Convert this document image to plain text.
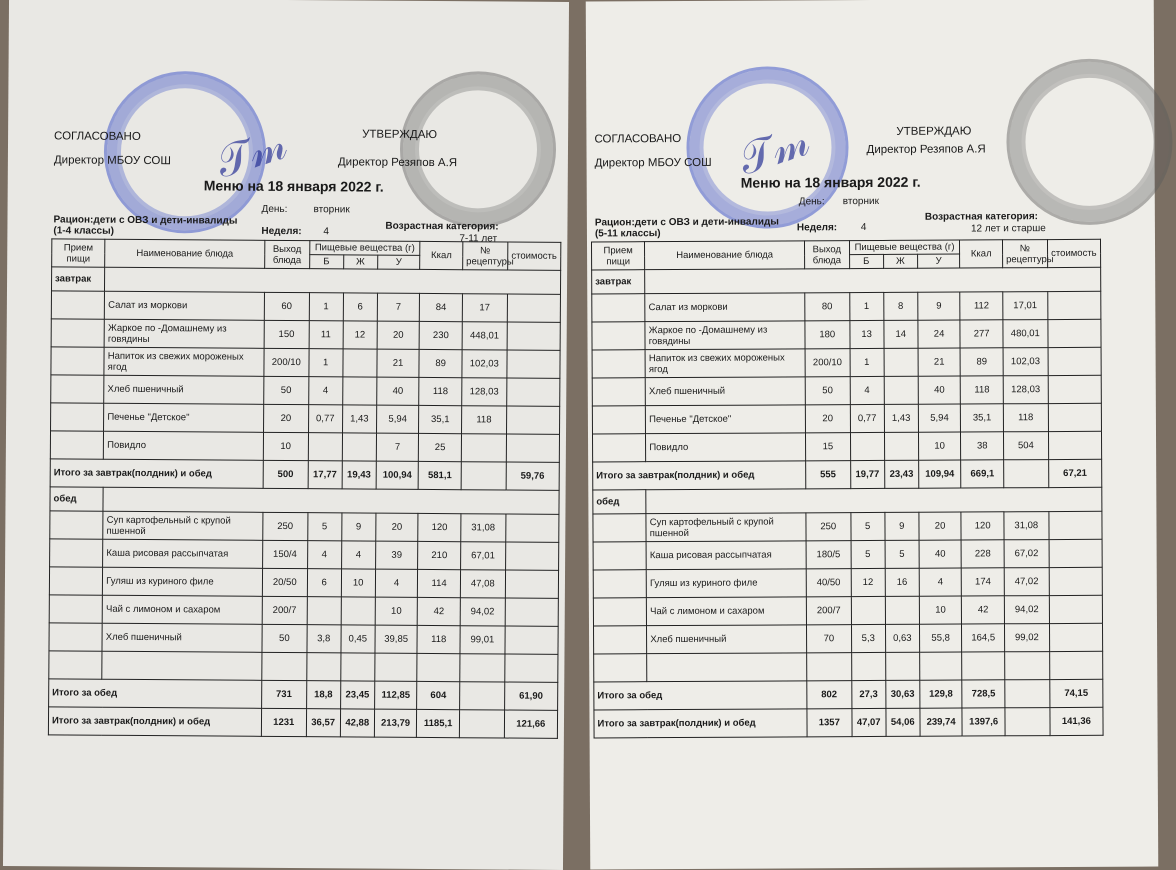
𝒯𝓂
СОГЛАСОВАНО
Директор МБОУ СОШ
УТВЕРЖДАЮ
Директор Резяпов А.Я
Меню на 18 января 2022 г.
День:	вторник
Рацион:дети с ОВЗ и дети-инвалиды (1-4 классы)	Неделя: 4	Возрастная категория:
7-11 лет
Прием пищи	Наименование блюда	Выход блюда	Пищевые вещества (г)			Ккал	№ рецептуры	стоимость
			Б	Ж	У			
завтрак								
	Салат из моркови	60	1	6	7	84	17	
	Жаркое по -Домашнему из говядины	150	11	12	20	230	448,01	
	Напиток из свежих мороженых ягод	200/10	1		21	89	102,03	
	Хлеб пшеничный	50	4		40	118	128,03	
	Печенье "Детское"	20	0,77	1,43	5,94	35,1	118	
	Повидло	10			7	25		
Итого за завтрак(полдник) и обед		500	17,77	19,43	100,94	581,1		59,76
обед								
	Суп картофельный с крупой пшенной	250	5	9	20	120	31,08	
	Каша рисовая рассыпчатая	150/4	4	4	39	210	67,01	
	Гуляш из куриного филе	20/50	6	10	4	114	47,08	
	Чай с лимоном и сахаром	200/7			10	42	94,02	
	Хлеб пшеничный	50	3,8	0,45	39,85	118	99,01	

Итого за обед		731	18,8	23,45	112,85	604		61,90
Итого за завтрак(полдник) и обед		1231	36,57	42,88	213,79	1185,1		121,66
𝒯𝓂
СОГЛАСОВАНО
Директор МБОУ СОШ
УТВЕРЖДАЮ
Директор Резяпов А.Я
Меню на 18 января 2022 г.
День: вторник
Рацион:дети с ОВЗ и дети-инвалиды (5-11 классы)
Неделя: 4
Возрастная категория:
12 лет и старше
Прием пищи	Наименование блюда	Выход блюда	Пищевые вещества (г)			Ккал	№ рецептуры	стоимость
			Б	Ж	У			
завтрак								
	Салат из моркови	80	1	8	9	112	17,01	
	Жаркое по -Домашнему из говядины	180	13	14	24	277	480,01	
	Напиток из свежих мороженых ягод	200/10	1		21	89	102,03	
	Хлеб пшеничный	50	4		40	118	128,03	
	Печенье "Детское"	20	0,77	1,43	5,94	35,1	118	
	Повидло	15			10	38	504	
Итого за завтрак(полдник) и обед		555	19,77	23,43	109,94	669,1		67,21
обед								
	Суп картофельный с крупой пшенной	250	5	9	20	120	31,08	
	Каша рисовая рассыпчатая	180/5	5	5	40	228	67,02	
	Гуляш из куриного филе	40/50	12	16	4	174	47,02	
	Чай с лимоном и сахаром	200/7			10	42	94,02	
	Хлеб пшеничный	70	5,3	0,63	55,8	164,5	99,02	

Итого за обед		802	27,3	30,63	129,8	728,5		74,15
Итого за завтрак(полдник) и обед		1357	47,07	54,06	239,74	1397,6		141,36
